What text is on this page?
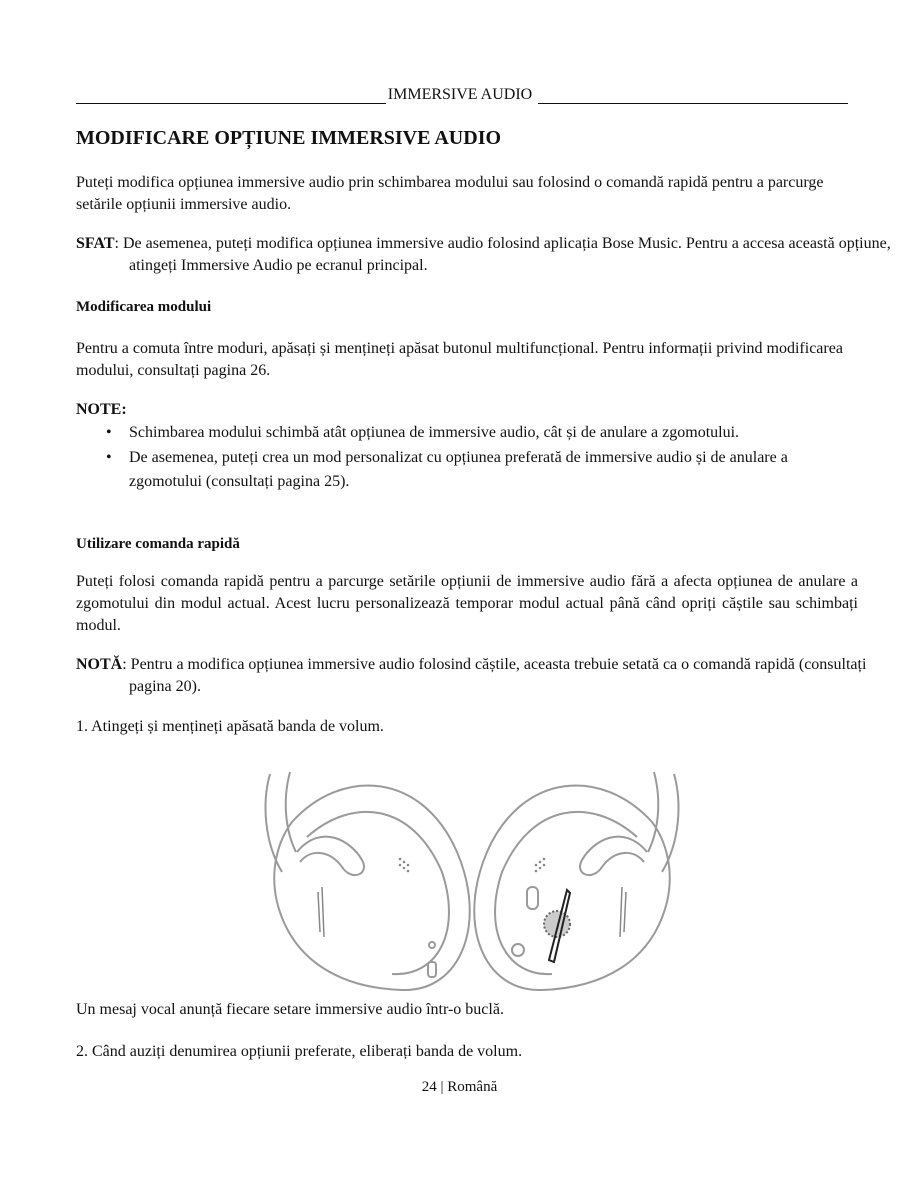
IMMERSIVE AUDIO
MODIFICARE OPȚIUNE IMMERSIVE AUDIO

Puteți modifica opțiunea immersive audio prin schimbarea modului sau folosind o comandă rapidă pentru a parcurge setările opțiunii immersive audio.

SFAT: De asemenea, puteți modifica opțiunea immersive audio folosind aplicația Bose Music. Pentru a accesa această opțiune, atingeți Immersive Audio pe ecranul principal.

Modificarea modului

Pentru a comuta între moduri, apăsați și mențineți apăsat butonul multifuncțional. Pentru informații privind modificarea modului, consultați pagina 26.

NOTE:

• Schimbarea modului schimbă atât opțiunea de immersive audio, cât și de anulare a zgomotului.
• De asemenea, puteți crea un mod personalizat cu opțiunea preferată de immersive audio și de anulare a zgomotului (consultați pagina 25).

Utilizare comanda rapidă

Puteți folosi comanda rapidă pentru a parcurge setările opțiunii de immersive audio fără a afecta opțiunea de anulare a zgomotului din modul actual. Acest lucru personalizează temporar modul actual până când opriți căștile sau schimbați modul.

NOTĂ: Pentru a modifica opțiunea immersive audio folosind căștile, aceasta trebuie setată ca o comandă rapidă (consultați pagina 20).

1. Atingeți și mențineți apăsată banda de volum.

Un mesaj vocal anunță fiecare setare immersive audio într-o buclă.

2. Când auziți denumirea opțiunii preferate, eliberați banda de volum.

24 | Română
